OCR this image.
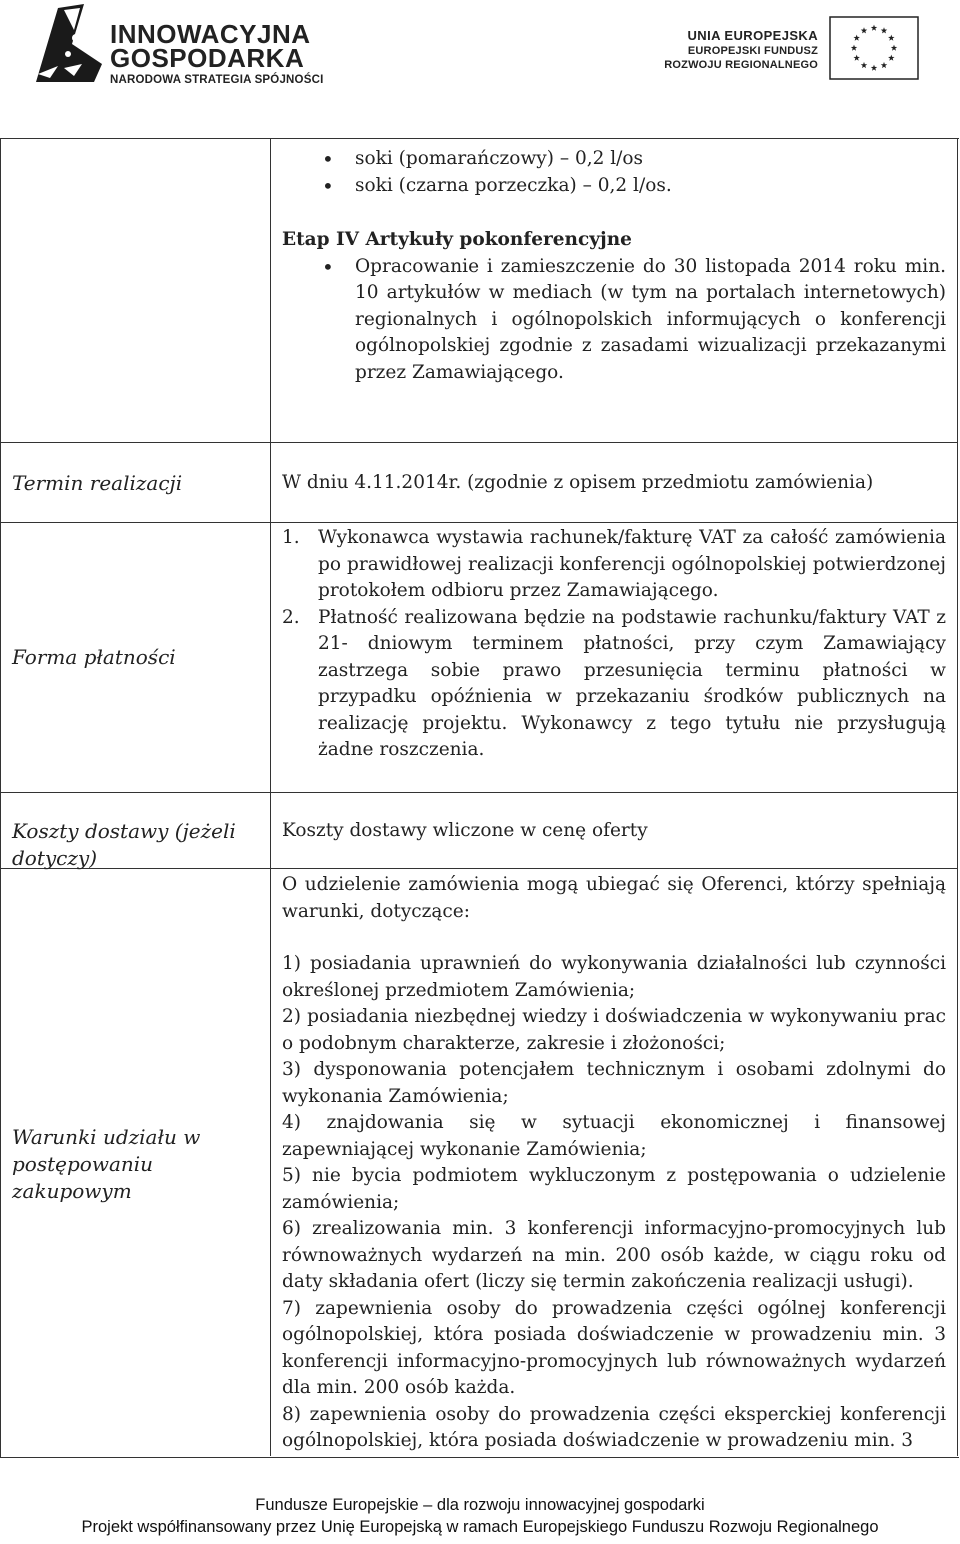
INNOWACYJNA
GOSPODARKA
NARODOWA STRATEGIA SPÓJNOŚCI
UNIA EUROPEJSKA
EUROPEJSKI FUNDUSZ
ROZWOJU REGIONALNEGO
• soki (pomarańczowy) – 0,2 l/os
• soki (czarna porzeczka) – 0,2 l/os.
Etap IV Artykuły pokonferencyjne
• Opracowanie i zamieszczenie do 30 listopada 2014 roku min. 10 artykułów w mediach (w tym na portalach internetowych) regionalnych i ogólnopolskich informujących o konferencji ogólnopolskiej zgodnie z zasadami wizualizacji przekazanymi przez Zamawiającego.
Termin realizacji	W dniu 4.11.2014r. (zgodnie z opisem przedmiotu zamówienia)
Forma płatności
1. Wykonawca wystawia rachunek/fakturę VAT za całość zamówienia po prawidłowej realizacji konferencji ogólnopolskiej potwierdzonej protokołem odbioru przez Zamawiającego.
2. Płatność realizowana będzie na podstawie rachunku/faktury VAT z 21- dniowym terminem płatności, przy czym Zamawiający zastrzega sobie prawo przesunięcia terminu płatności w przypadku opóźnienia w przekazaniu środków publicznych na realizację projektu. Wykonawcy z tego tytułu nie przysługują żadne roszczenia.
Koszty dostawy (jeżeli dotyczy)
Koszty dostawy wliczone w cenę oferty
Warunki udziału w postępowaniu zakupowym
O udzielenie zamówienia mogą ubiegać się Oferenci, którzy spełniają warunki, dotyczące:
1) posiadania uprawnień do wykonywania działalności lub czynności określonej przedmiotem Zamówienia;
2) posiadania niezbędnej wiedzy i doświadczenia w wykonywaniu prac o podobnym charakterze, zakresie i złożoności;
3) dysponowania potencjałem technicznym i osobami zdolnymi do wykonania Zamówienia;
4) znajdowania się w sytuacji ekonomicznej i finansowej zapewniającej wykonanie Zamówienia;
5) nie bycia podmiotem wykluczonym z postępowania o udzielenie zamówienia;
6) zrealizowania min. 3 konferencji informacyjno-promocyjnych lub równoważnych wydarzeń na min. 200 osób każde, w ciągu roku od daty składania ofert (liczy się termin zakończenia realizacji usługi).
7) zapewnienia osoby do prowadzenia części ogólnej konferencji ogólnopolskiej, która posiada doświadczenie w prowadzeniu min. 3 konferencji informacyjno-promocyjnych lub równoważnych wydarzeń dla min. 200 osób każda.
8) zapewnienia osoby do prowadzenia części eksperckiej konferencji ogólnopolskiej, która posiada doświadczenie w prowadzeniu min. 3
Fundusze Europejskie – dla rozwoju innowacyjnej gospodarki
Projekt współfinansowany przez Unię Europejską w ramach Europejskiego Funduszu Rozwoju Regionalnego
